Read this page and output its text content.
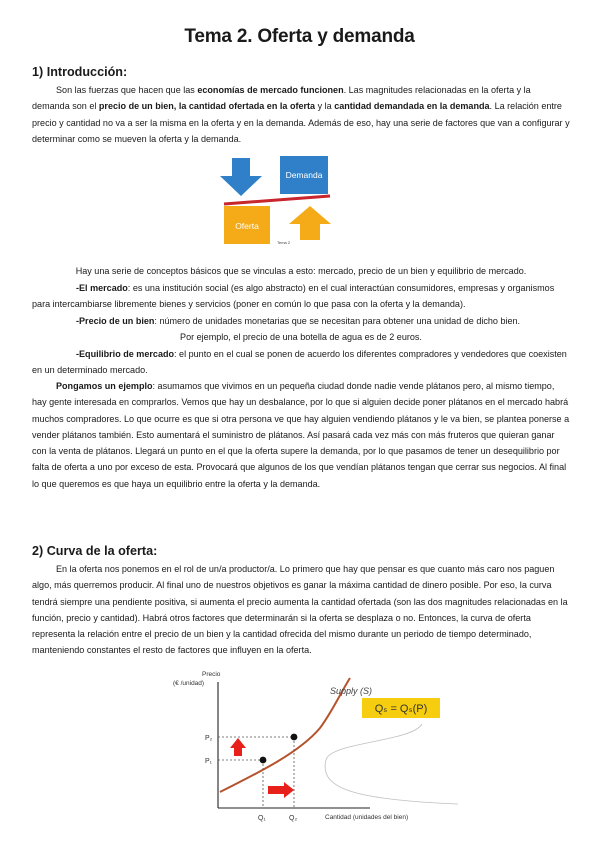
Tema 2. Oferta y demanda
1) Introducción:

Son las fuerzas que hacen que las economías de mercado funcionen. Las magnitudes relacionadas en la oferta y la demanda son el precio de un bien, la cantidad ofertada en la oferta y la cantidad demandada en la demanda. La relación entre precio y cantidad no va a ser la misma en la oferta y en la demanda. Además de eso, hay una serie de factores que van a configurar y determinar como se mueven la oferta y la demanda.

Demanda
Oferta
Tema 2

Hay una serie de conceptos básicos que se vinculas a esto: mercado, precio de un bien y equilibrio de mercado.

-El mercado: es una institución social (es algo abstracto) en el cual interactúan consumidores, empresas y organismos para intercambiarse libremente bienes y servicios (poner en común lo que pasa con la oferta y la demanda).

-Precio de un bien: número de unidades monetarias que se necesitan para obtener una unidad de dicho bien.

Por ejemplo, el precio de una botella de agua es de 2 euros.

-Equilibrio de mercado: el punto en el cual se ponen de acuerdo los diferentes compradores y vendedores que coexisten en un determinado mercado.

Pongamos un ejemplo: asumamos que vivimos en un pequeña ciudad donde nadie vende plátanos pero, al mismo tiempo, hay gente interesada en comprarlos. Vemos que hay un desbalance, por lo que si alguien decide poner plátanos en el mercado habrá muchos compradores. Lo que ocurre es que si otra persona ve que hay alguien vendiendo plátanos y le va bien, se plantea ponerse a vender plátanos también. Esto aumentará el suministro de plátanos. Así pasará cada vez más con más fruteros que quieran ganar con la venta de plátanos. Llegará un punto en el que la oferta supere la demanda, por lo que pasamos de tener un desequilibrio por falta de oferta a uno por exceso de esta. Provocará que algunos de los que vendían plátanos tengan que cerrar sus negocios. Al final lo que queremos es que haya un equilibrio entre la oferta y la demanda.

2) Curva de la oferta:

En la oferta nos ponemos en el rol de un/a productor/a. Lo primero que hay que pensar es que cuanto más caro nos paguen algo, más querremos producir. Al final uno de nuestros objetivos es ganar la máxima cantidad de dinero posible. Por eso, la curva tendrá siempre una pendiente positiva, si aumenta el precio aumenta la cantidad ofertada (son las dos magnitudes relacionadas en la función, precio y cantidad). Habrá otros factores que determinarán si la oferta se desplaza o no. Entonces, la curva de oferta representa la relación entre el precio de un bien y la cantidad ofrecida del mismo durante un periodo de tiempo determinado, manteniendo constantes el resto de factores que influyen en la oferta.

Precio
(€ /unidad)
Supply (S)
Qₛ = Qₛ(P)
P₂
P₁
Q₁	Q₂	Cantidad (unidades del bien)
